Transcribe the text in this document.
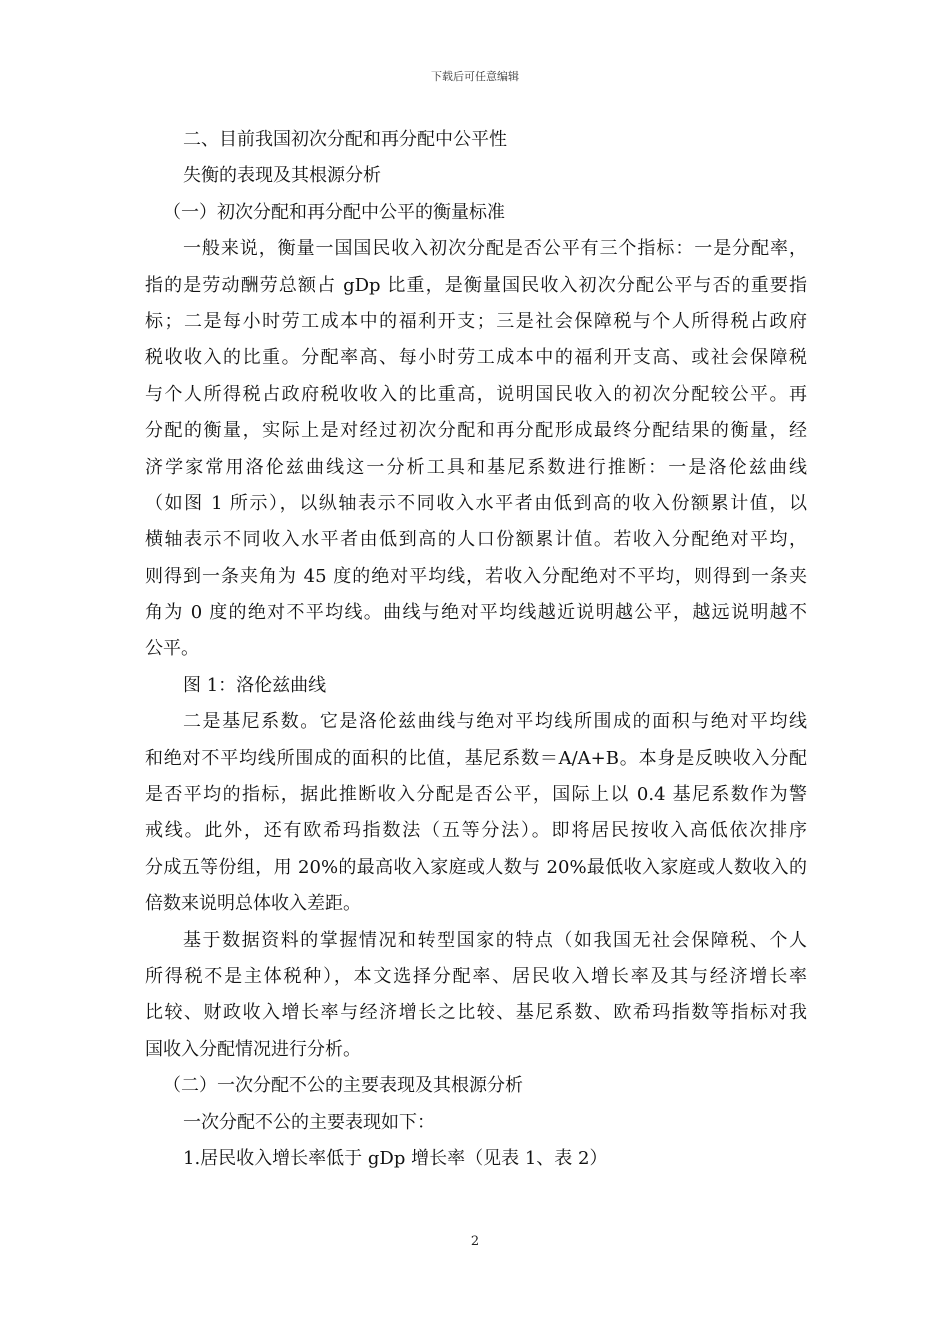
下载后可任意编辑
二、目前我国初次分配和再分配中公平性
失衡的表现及其根源分析
（一）初次分配和再分配中公平的衡量标准
一般来说，衡量一国国民收入初次分配是否公平有三个指标：一是分配率，
指的是劳动酬劳总额占 gDp 比重，是衡量国民收入初次分配公平与否的重要指
标；二是每小时劳工成本中的福利开支；三是社会保障税与个人所得税占政府
税收收入的比重。分配率高、每小时劳工成本中的福利开支高、或社会保障税
与个人所得税占政府税收收入的比重高，说明国民收入的初次分配较公平。再
分配的衡量，实际上是对经过初次分配和再分配形成最终分配结果的衡量，经
济学家常用洛伦兹曲线这一分析工具和基尼系数进行推断：一是洛伦兹曲线
（如图 1 所示），以纵轴表示不同收入水平者由低到高的收入份额累计值，以
横轴表示不同收入水平者由低到高的人口份额累计值。若收入分配绝对平均，
则得到一条夹角为 45 度的绝对平均线，若收入分配绝对不平均，则得到一条夹
角为 0 度的绝对不平均线。曲线与绝对平均线越近说明越公平，越远说明越不
公平。
图 1：洛伦兹曲线
二是基尼系数。它是洛伦兹曲线与绝对平均线所围成的面积与绝对平均线
和绝对不平均线所围成的面积的比值，基尼系数＝A/A+B。本身是反映收入分配
是否平均的指标，据此推断收入分配是否公平，国际上以 0.4 基尼系数作为警
戒线。此外，还有欧希玛指数法（五等分法）。即将居民按收入高低依次排序
分成五等份组，用 20%的最高收入家庭或人数与 20%最低收入家庭或人数收入的
倍数来说明总体收入差距。
基于数据资料的掌握情况和转型国家的特点（如我国无社会保障税、个人
所得税不是主体税种），本文选择分配率、居民收入增长率及其与经济增长率
比较、财政收入增长率与经济增长之比较、基尼系数、欧希玛指数等指标对我
国收入分配情况进行分析。
（二）一次分配不公的主要表现及其根源分析
一次分配不公的主要表现如下：
1.居民收入增长率低于 gDp 增长率（见表 1、表 2）
2
